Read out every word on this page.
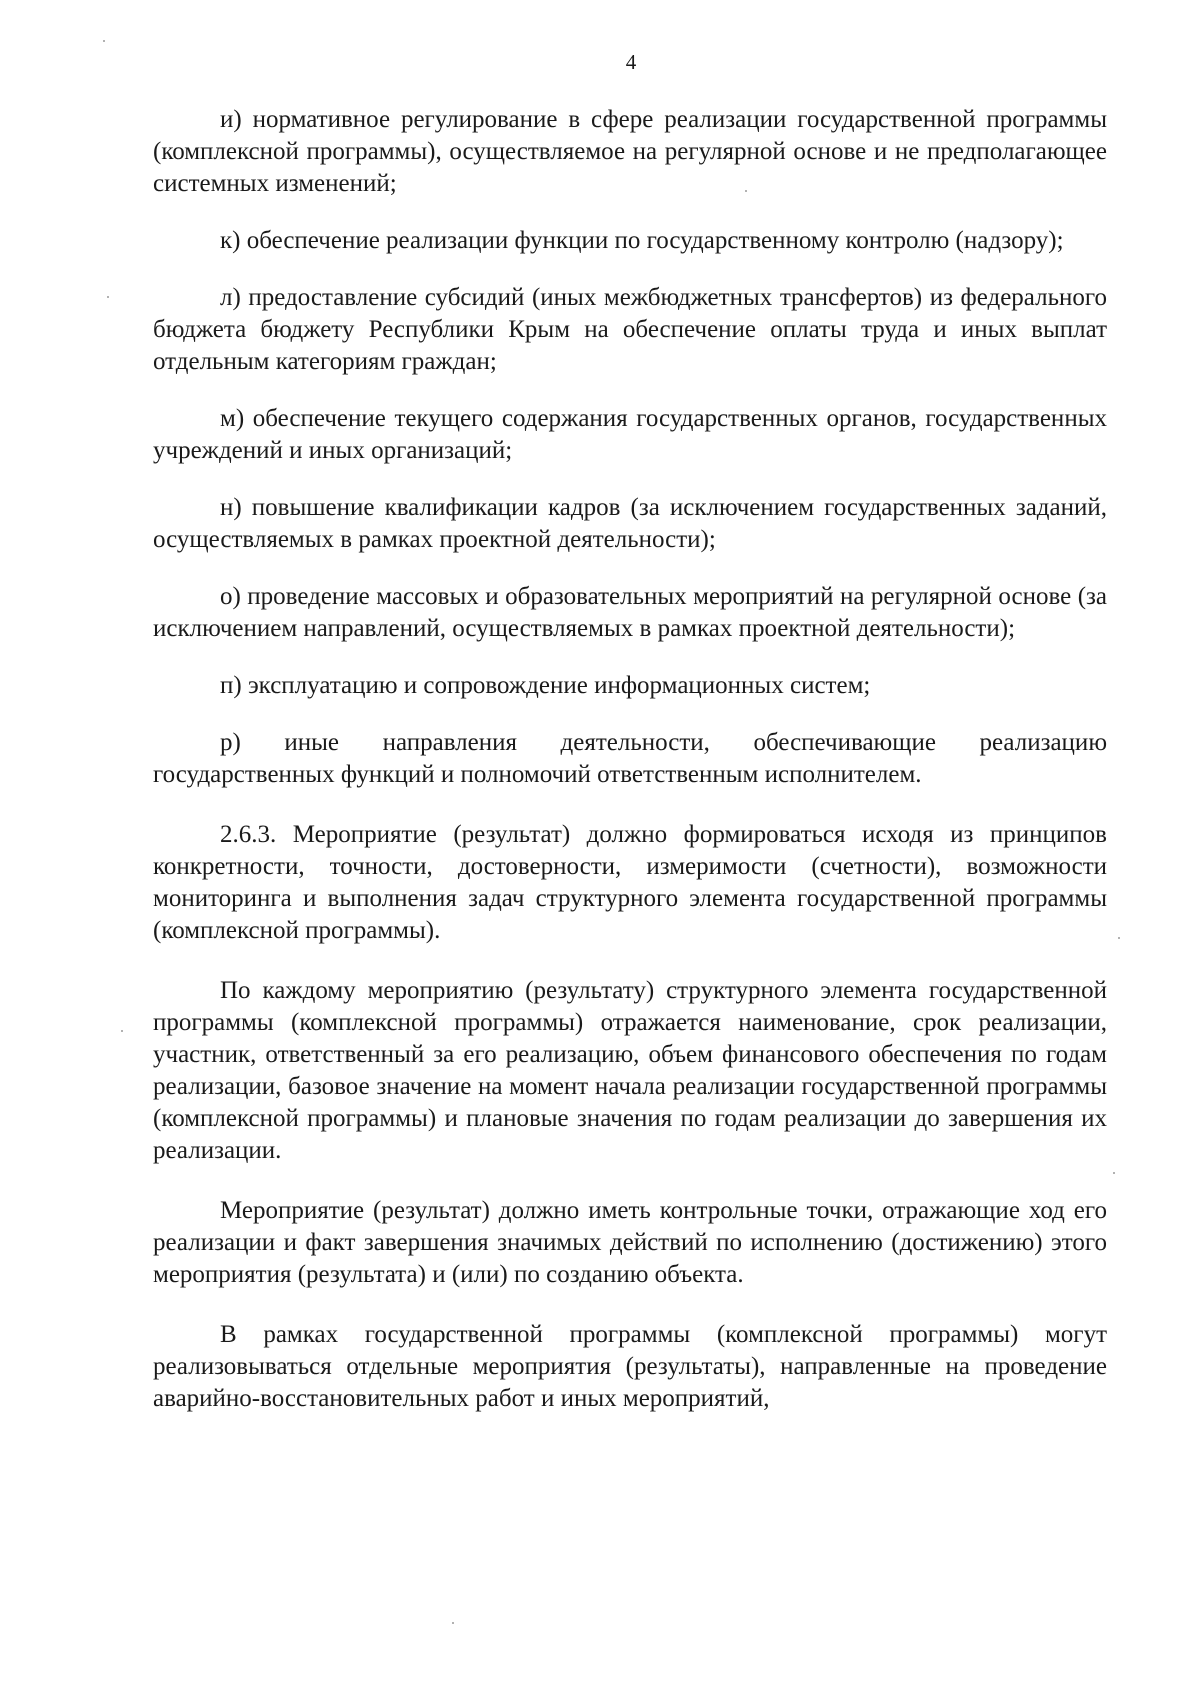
4

и) нормативное регулирование в сфере реализации государственной программы (комплексной программы), осуществляемое на регулярной основе и не предполагающее системных изменений;

к) обеспечение реализации функции по государственному контролю (надзору);

л) предоставление субсидий (иных межбюджетных трансфертов) из федерального бюджета бюджету Республики Крым на обеспечение оплаты труда и иных выплат отдельным категориям граждан;

м) обеспечение текущего содержания государственных органов, государственных учреждений и иных организаций;

н) повышение квалификации кадров (за исключением государственных заданий, осуществляемых в рамках проектной деятельности);

о) проведение массовых и образовательных мероприятий на регулярной основе (за исключением направлений, осуществляемых в рамках проектной деятельности);

п) эксплуатацию и сопровождение информационных систем;

р) иные направления деятельности, обеспечивающие реализацию государственных функций и полномочий ответственным исполнителем.

2.6.3. Мероприятие (результат) должно формироваться исходя из принципов конкретности, точности, достоверности, измеримости (счетности), возможности мониторинга и выполнения задач структурного элемента государственной программы (комплексной программы).

По каждому мероприятию (результату) структурного элемента государственной программы (комплексной программы) отражается наименование, срок реализации, участник, ответственный за его реализацию, объем финансового обеспечения по годам реализации, базовое значение на момент начала реализации государственной программы (комплексной программы) и плановые значения по годам реализации до завершения их реализации.

Мероприятие (результат) должно иметь контрольные точки, отражающие ход его реализации и факт завершения значимых действий по исполнению (достижению) этого мероприятия (результата) и (или) по созданию объекта.

В рамках государственной программы (комплексной программы) могут реализовываться отдельные мероприятия (результаты), направленные на проведение аварийно-восстановительных работ и иных мероприятий,
